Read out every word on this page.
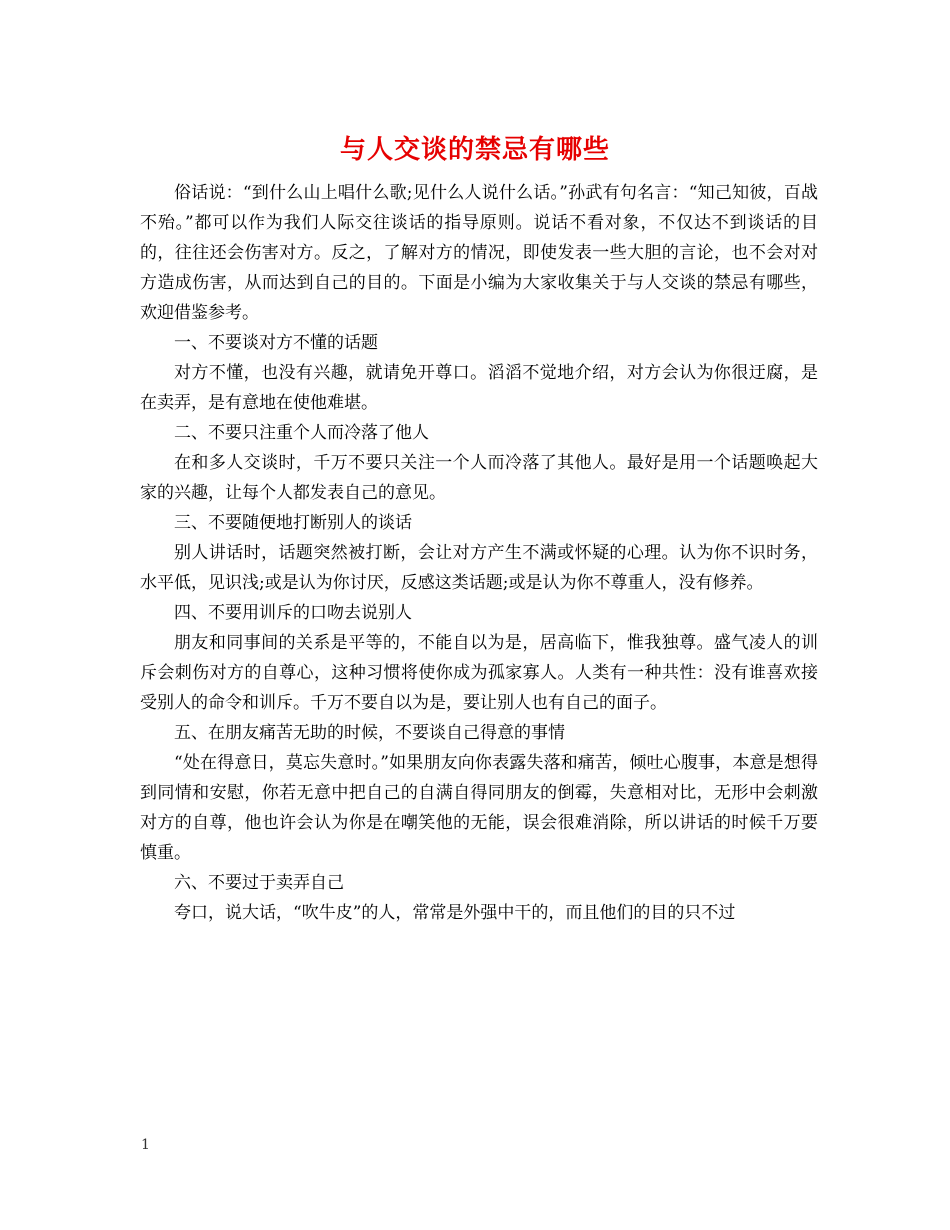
与人交谈的禁忌有哪些

俗话说：“到什么山上唱什么歌;见什么人说什么话。”孙武有句名言：“知己知彼，百战不殆。”都可以作为我们人际交往谈话的指导原则。说话不看对象，不仅达不到谈话的目的，往往还会伤害对方。反之，了解对方的情况，即使发表一些大胆的言论，也不会对对方造成伤害，从而达到自己的目的。下面是小编为大家收集关于与人交谈的禁忌有哪些，欢迎借鉴参考。

一、不要谈对方不懂的话题

对方不懂，也没有兴趣，就请免开尊口。滔滔不觉地介绍，对方会认为你很迂腐，是在卖弄，是有意地在使他难堪。

二、不要只注重个人而冷落了他人

在和多人交谈时，千万不要只关注一个人而冷落了其他人。最好是用一个话题唤起大家的兴趣，让每个人都发表自己的意见。

三、不要随便地打断别人的谈话

别人讲话时，话题突然被打断，会让对方产生不满或怀疑的心理。认为你不识时务，水平低，见识浅;或是认为你讨厌，反感这类话题;或是认为你不尊重人，没有修养。

四、不要用训斥的口吻去说别人

朋友和同事间的关系是平等的，不能自以为是，居高临下，惟我独尊。盛气凌人的训斥会刺伤对方的自尊心，这种习惯将使你成为孤家寡人。人类有一种共性：没有谁喜欢接受别人的命令和训斥。千万不要自以为是，要让别人也有自己的面子。

五、在朋友痛苦无助的时候，不要谈自己得意的事情

“处在得意日，莫忘失意时。”如果朋友向你表露失落和痛苦，倾吐心腹事，本意是想得到同情和安慰，你若无意中把自己的自满自得同朋友的倒霉，失意相对比，无形中会刺激对方的自尊，他也许会认为你是在嘲笑他的无能，误会很难消除，所以讲话的时候千万要慎重。

六、不要过于卖弄自己

夸口，说大话，“吹牛皮”的人，常常是外强中干的，而且他们的目的只不过

1
